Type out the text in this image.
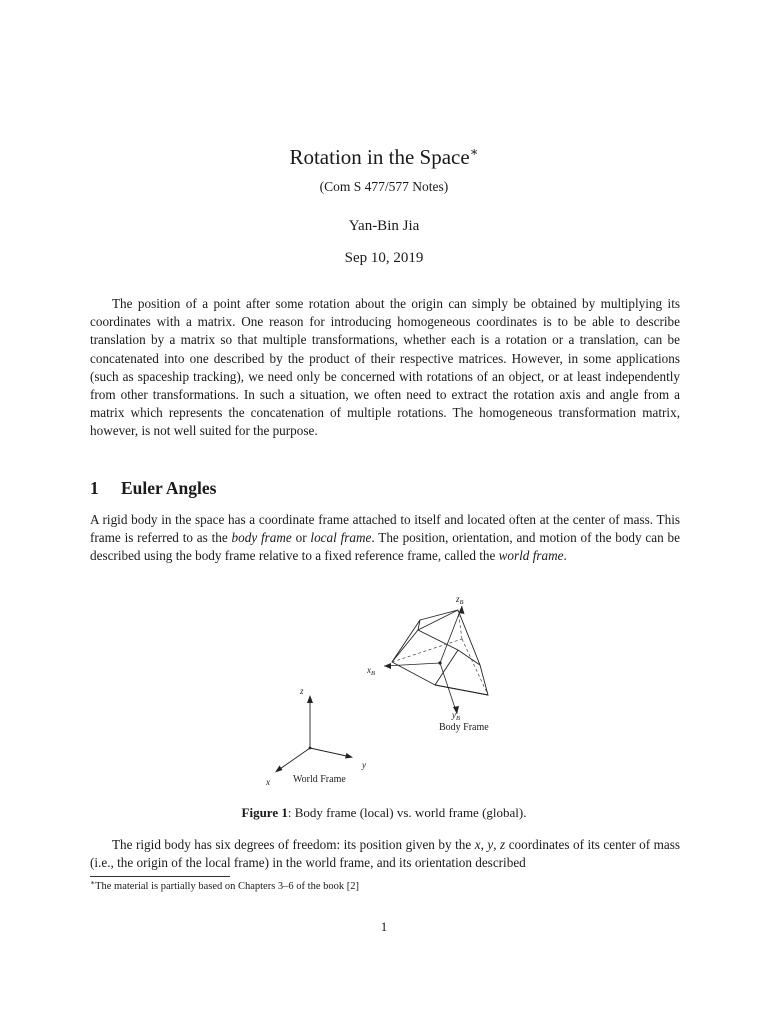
Rotation in the Space∗
(Com S 477/577 Notes)
Yan-Bin Jia
Sep 10, 2019

The position of a point after some rotation about the origin can simply be obtained by multiplying its coordinates with a matrix. One reason for introducing homogeneous coordinates is to be able to describe translation by a matrix so that multiple transformations, whether each is a rotation or a translation, can be concatenated into one described by the product of their respective matrices. However, in some applications (such as spaceship tracking), we need only be concerned with rotations of an object, or at least independently from other transformations. In such a situation, we often need to extract the rotation axis and angle from a matrix which represents the concatenation of multiple rotations. The homogeneous transformation matrix, however, is not well suited for the purpose.

1 Euler Angles

A rigid body in the space has a coordinate frame attached to itself and located often at the center of mass. This frame is referred to as the body frame or local frame. The position, orientation, and motion of the body can be described using the body frame relative to a fixed reference frame, called the world frame.

$z_B$
$x_B$
$y_B$
Body Frame
z
y
x World Frame
Figure 1: Body frame (local) vs. world frame (global).

The rigid body has six degrees of freedom: its position given by the x, y, z coordinates of its center of mass (i.e., the origin of the local frame) in the world frame, and its orientation described

∗The material is partially based on Chapters 3–6 of the book [2]
1
